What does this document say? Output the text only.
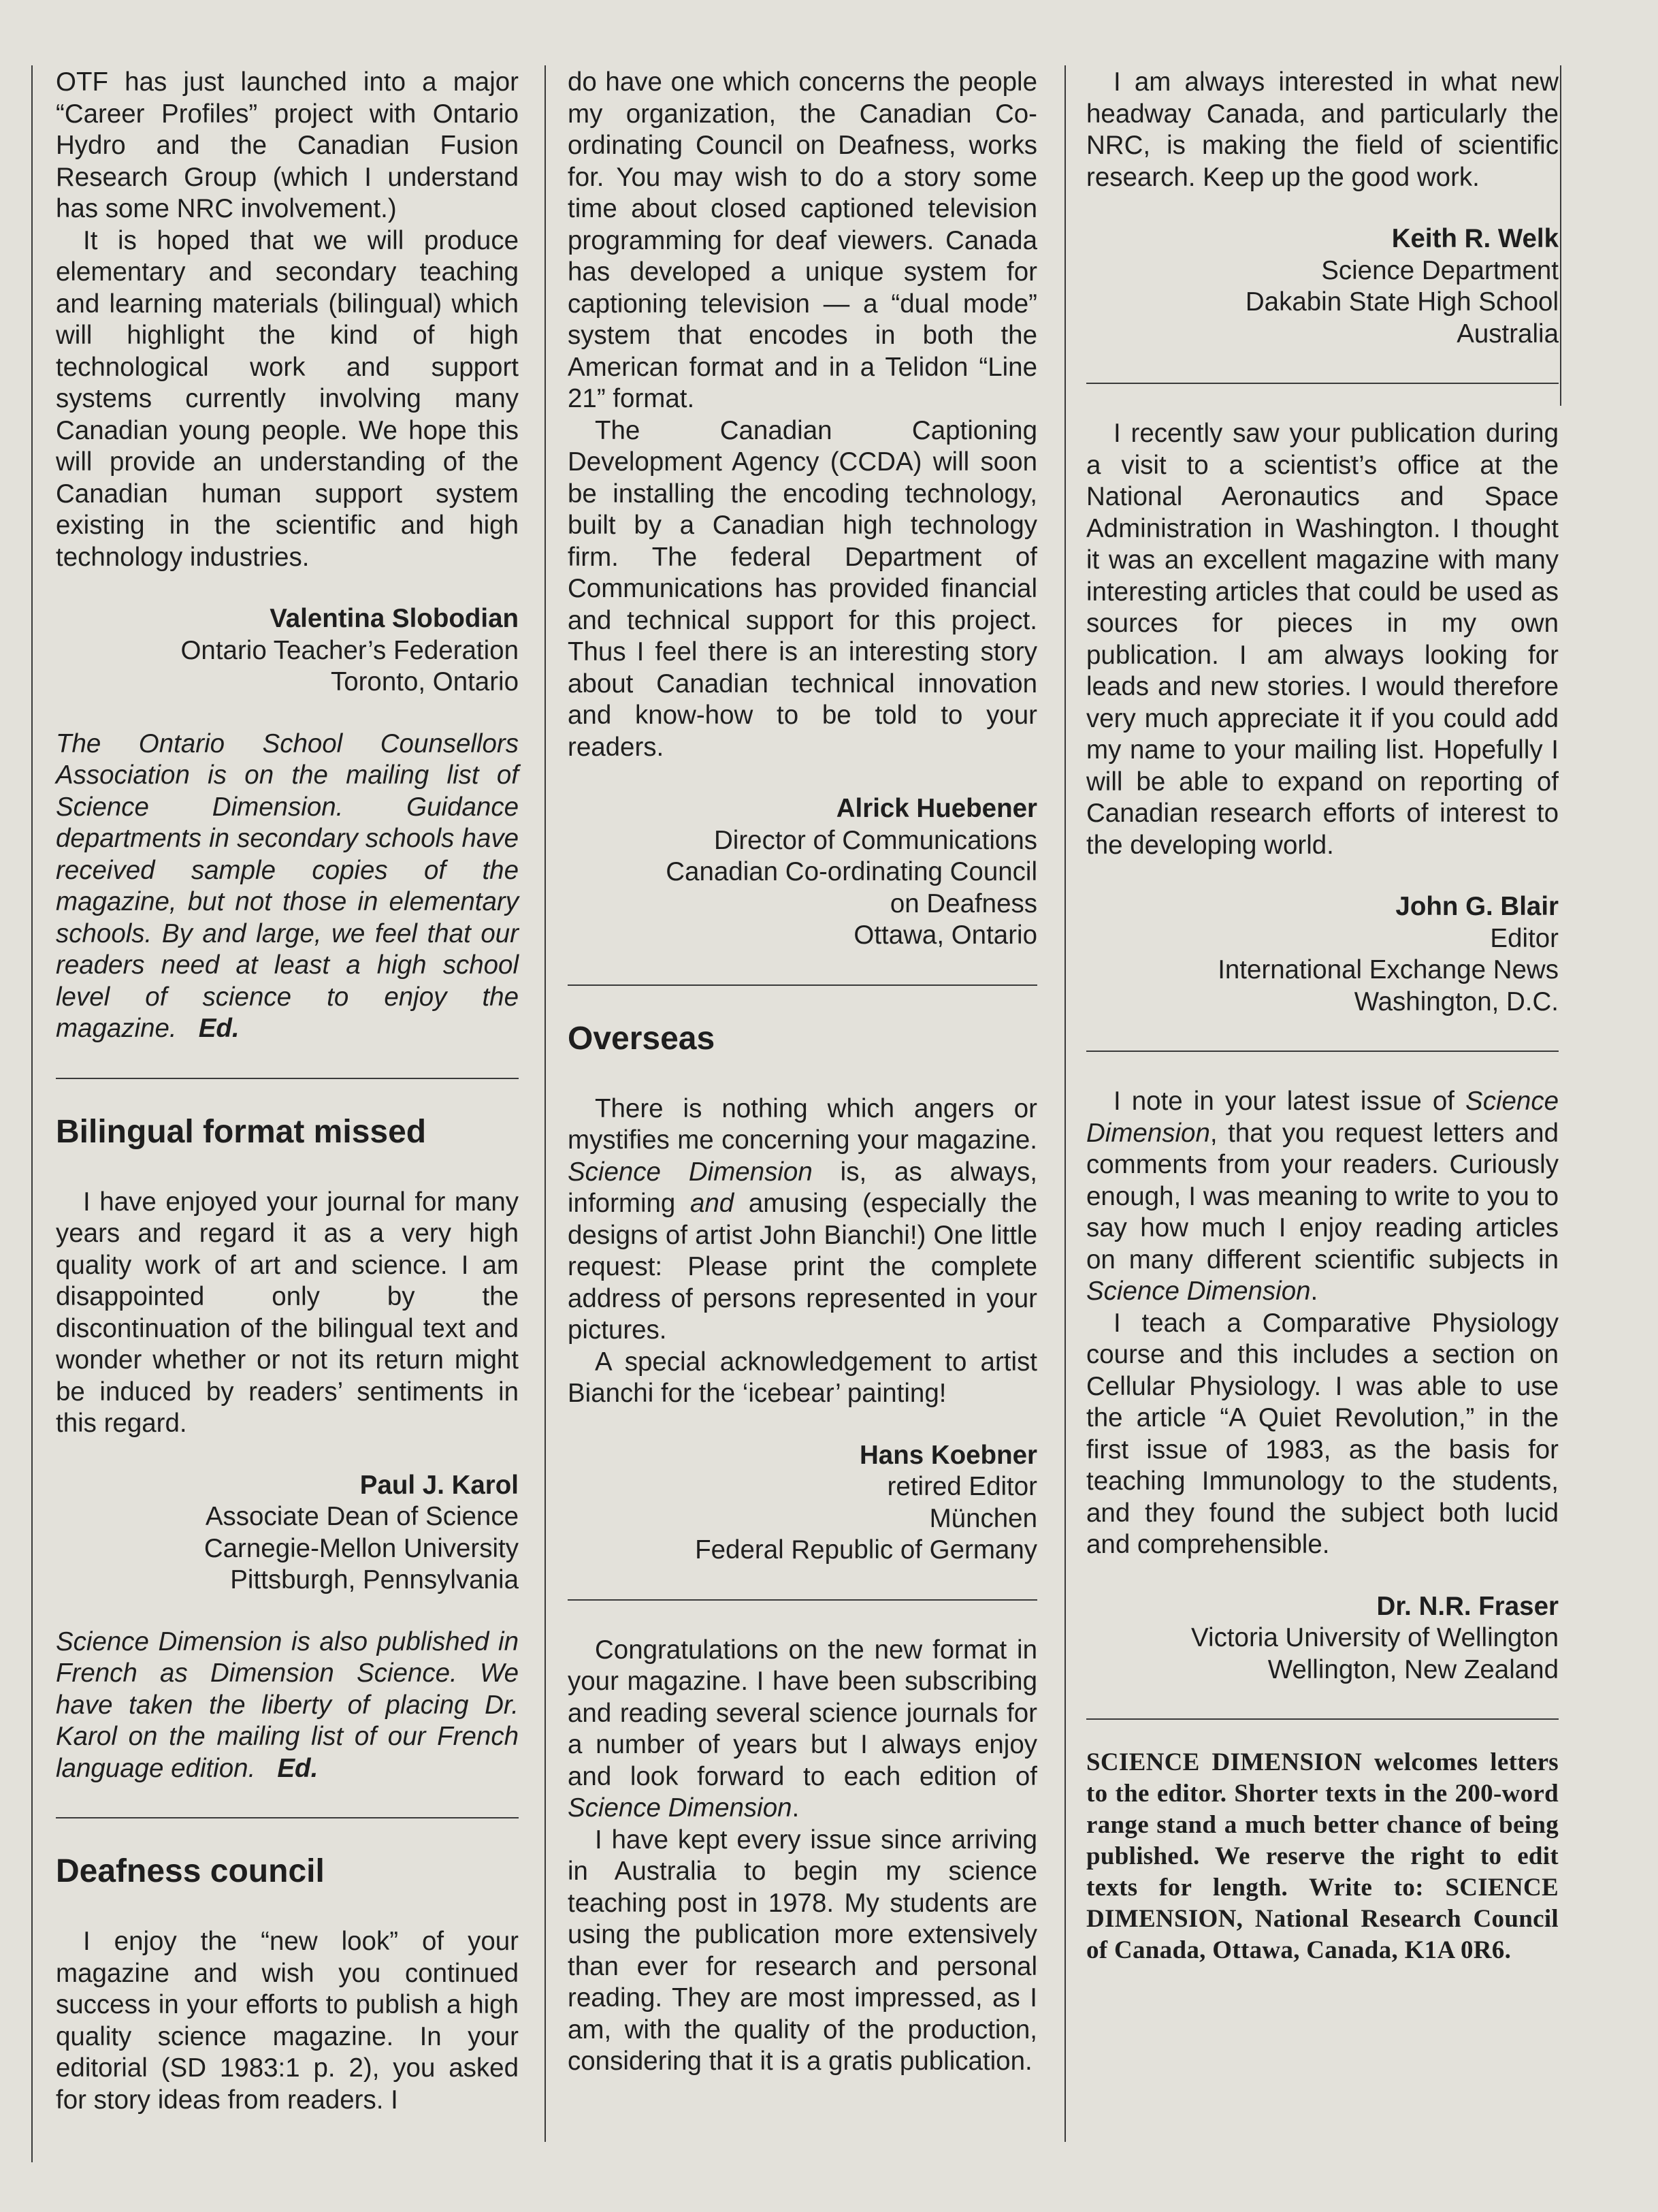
OTF has just launched into a major “Career Profiles” project with Ontario Hydro and the Canadian Fusion Research Group (which I understand has some NRC involvement.)

It is hoped that we will produce elementary and secondary teaching and learning materials (bilingual) which will highlight the kind of high technological work and support systems currently involving many Canadian young people. We hope this will provide an understanding of the Canadian human support system existing in the scientific and high technology industries.

Valentina Slobodian
Ontario Teacher’s Federation
Toronto, Ontario

The Ontario School Counsellors Association is on the mailing list of Science Dimension. Guidance departments in secondary schools have received sample copies of the magazine, but not those in elementary schools. By and large, we feel that our readers need at least a high school level of science to enjoy the magazine. Ed.

Bilingual format missed

I have enjoyed your journal for many years and regard it as a very high quality work of art and science. I am disappointed only by the discontinuation of the bilingual text and wonder whether or not its return might be induced by readers’ sentiments in this regard.

Paul J. Karol
Associate Dean of Science
Carnegie-Mellon University
Pittsburgh, Pennsylvania

Science Dimension is also published in French as Dimension Science. We have taken the liberty of placing Dr. Karol on the mailing list of our French language edition. Ed.

Deafness council

I enjoy the “new look” of your magazine and wish you continued success in your efforts to publish a high quality science magazine. In your editorial (SD 1983:1 p. 2), you asked for story ideas from readers. I

do have one which concerns the people my organization, the Canadian Co-ordinating Council on Deafness, works for. You may wish to do a story some time about closed captioned television programming for deaf viewers. Canada has developed a unique system for captioning television — a “dual mode” system that encodes in both the American format and in a Telidon “Line 21” format.

The Canadian Captioning Development Agency (CCDA) will soon be installing the encoding technology, built by a Canadian high technology firm. The federal Department of Communications has provided financial and technical support for this project. Thus I feel there is an interesting story about Canadian technical innovation and know-how to be told to your readers.

Alrick Huebener
Director of Communications
Canadian Co-ordinating Council
on Deafness
Ottawa, Ontario
Overseas

There is nothing which angers or mystifies me concerning your magazine. Science Dimension is, as always, informing and amusing (especially the designs of artist John Bianchi!) One little request: Please print the complete address of persons represented in your pictures.

A special acknowledgement to artist Bianchi for the ‘icebear’ painting!

Hans Koebner
retired Editor
München
Federal Republic of Germany

Congratulations on the new format in your magazine. I have been subscribing and reading several science journals for a number of years but I always enjoy and look forward to each edition of Science Dimension.

I have kept every issue since arriving in Australia to begin my science teaching post in 1978. My students are using the publication more extensively than ever for research and personal reading. They are most impressed, as I am, with the quality of the production, considering that it is a gratis publication.

I am always interested in what new headway Canada, and particularly the NRC, is making the field of scientific research. Keep up the good work.

Keith R. Welk
Science Department
Dakabin State High School
Australia

I recently saw your publication during a visit to a scientist’s office at the National Aeronautics and Space Administration in Washington. I thought it was an excellent magazine with many interesting articles that could be used as sources for pieces in my own publication. I am always looking for leads and new stories. I would therefore very much appreciate it if you could add my name to your mailing list. Hopefully I will be able to expand on reporting of Canadian research efforts of interest to the developing world.

John G. Blair
Editor
International Exchange News
Washington, D.C.

I note in your latest issue of Science Dimension, that you request letters and comments from your readers. Curiously enough, I was meaning to write to you to say how much I enjoy reading articles on many different scientific subjects in Science Dimension.

I teach a Comparative Physiology course and this includes a section on Cellular Physiology. I was able to use the article “A Quiet Revolution,” in the first issue of 1983, as the basis for teaching Immunology to the students, and they found the subject both lucid and comprehensible.

Dr. N.R. Fraser
Victoria University of Wellington
Wellington, New Zealand

SCIENCE DIMENSION welcomes letters to the editor. Shorter texts in the 200-word range stand a much better chance of being published. We reserve the right to edit texts for length. Write to: SCIENCE DIMENSION, National Research Council of Canada, Ottawa, Canada, K1A 0R6.
